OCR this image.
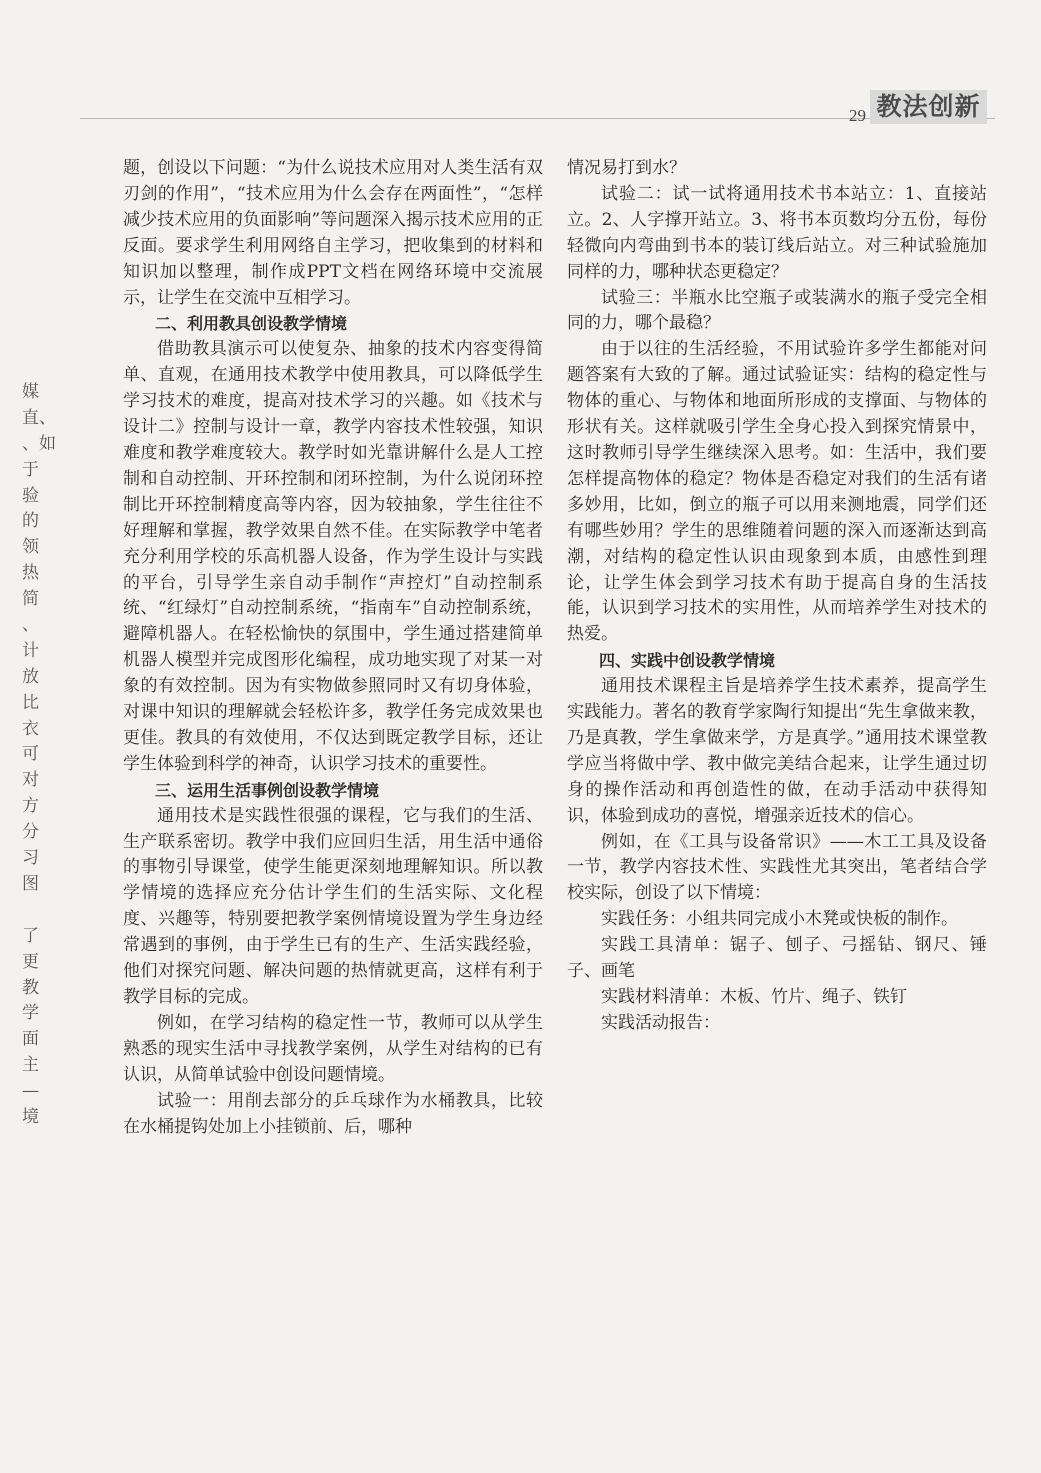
29 教法创新
媒
直、
、如
于
验
的
领
热
简
、
计
放
比
衣
可
对
方
分
习
图
了
更
教
学
面
主
—
境

题，创设以下问题：“为什么说技术应用对人类生活有双刃剑的作用”，“技术应用为什么会存在两面性”，“怎样减少技术应用的负面影响”等问题深入揭示技术应用的正反面。要求学生利用网络自主学习，把收集到的材料和知识加以整理，制作成PPT文档在网络环境中交流展示，让学生在交流中互相学习。

二、利用教具创设教学情境

借助教具演示可以使复杂、抽象的技术内容变得简单、直观，在通用技术教学中使用教具，可以降低学生学习技术的难度，提高对技术学习的兴趣。如《技术与设计二》控制与设计一章，教学内容技术性较强，知识难度和教学难度较大。教学时如光靠讲解什么是人工控制和自动控制、开环控制和闭环控制，为什么说闭环控制比开环控制精度高等内容，因为较抽象，学生往往不好理解和掌握，教学效果自然不佳。在实际教学中笔者充分利用学校的乐高机器人设备，作为学生设计与实践的平台，引导学生亲自动手制作“声控灯”自动控制系统、“红绿灯”自动控制系统，“指南车”自动控制系统，避障机器人。在轻松愉快的氛围中，学生通过搭建简单机器人模型并完成图形化编程，成功地实现了对某一对象的有效控制。因为有实物做参照同时又有切身体验，对课中知识的理解就会轻松许多，教学任务完成效果也更佳。教具的有效使用，不仅达到既定教学目标，还让学生体验到科学的神奇，认识学习技术的重要性。

三、运用生活事例创设教学情境

通用技术是实践性很强的课程，它与我们的生活、生产联系密切。教学中我们应回归生活，用生活中通俗的事物引导课堂，使学生能更深刻地理解知识。所以教学情境的选择应充分估计学生们的生活实际、文化程度、兴趣等，特别要把教学案例情境设置为学生身边经常遇到的事例，由于学生已有的生产、生活实践经验，他们对探究问题、解决问题的热情就更高，这样有利于教学目标的完成。

例如，在学习结构的稳定性一节，教师可以从学生熟悉的现实生活中寻找教学案例，从学生对结构的已有认识，从简单试验中创设问题情境。

试验一：用削去部分的乒乓球作为水桶教具，比较在水桶提钩处加上小挂锁前、后，哪种

情况易打到水？

试验二：试一试将通用技术书本站立：1、直接站立。2、人字撑开站立。3、将书本页数均分五份，每份轻微向内弯曲到书本的装订线后站立。对三种试验施加同样的力，哪种状态更稳定？

试验三：半瓶水比空瓶子或装满水的瓶子受完全相同的力，哪个最稳？

由于以往的生活经验，不用试验许多学生都能对问题答案有大致的了解。通过试验证实：结构的稳定性与物体的重心、与物体和地面所形成的支撑面、与物体的形状有关。这样就吸引学生全身心投入到探究情景中，这时教师引导学生继续深入思考。如：生活中，我们要怎样提高物体的稳定？物体是否稳定对我们的生活有诸多妙用，比如，倒立的瓶子可以用来测地震，同学们还有哪些妙用？学生的思维随着问题的深入而逐渐达到高潮，对结构的稳定性认识由现象到本质，由感性到理论，让学生体会到学习技术有助于提高自身的生活技能，认识到学习技术的实用性，从而培养学生对技术的热爱。

四、实践中创设教学情境

通用技术课程主旨是培养学生技术素养，提高学生实践能力。著名的教育学家陶行知提出“先生拿做来教，乃是真教，学生拿做来学，方是真学。”通用技术课堂教学应当将做中学、教中做完美结合起来，让学生通过切身的操作活动和再创造性的做，在动手活动中获得知识，体验到成功的喜悦，增强亲近技术的信心。

例如，在《工具与设备常识》——木工工具及设备一节，教学内容技术性、实践性尤其突出，笔者结合学校实际，创设了以下情境：

实践任务：小组共同完成小木凳或快板的制作。

实践工具清单：锯子、刨子、弓摇钻、钢尺、锤子、画笔

实践材料清单：木板、竹片、绳子、铁钉

实践活动报告：
